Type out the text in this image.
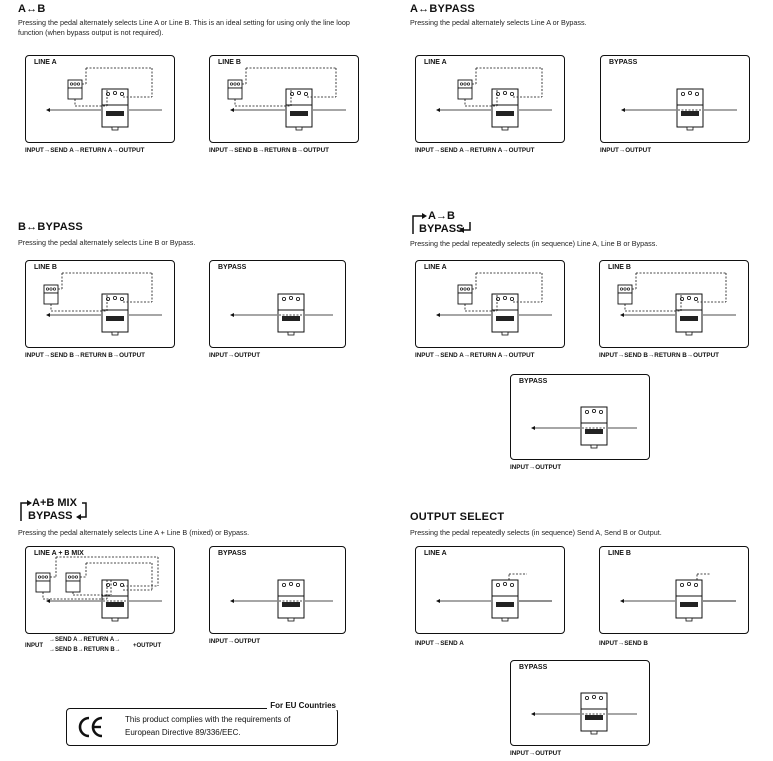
A↔B
Pressing the pedal alternately selects Line A or Line B. This is an ideal setting for using only the line loop function (when bypass output is not required).
LINE A
INPUT→SEND A→RETURN A→OUTPUT
LINE B
INPUT→SEND B→RETURN B→OUTPUT
A↔BYPASS
Pressing the pedal alternately selects Line A or Bypass.
LINE A
INPUT→SEND A→RETURN A→OUTPUT
BYPASS
INPUT→OUTPUT
B↔BYPASS
Pressing the pedal alternately selects Line B or Bypass.
LINE B
INPUT→SEND B→RETURN B→OUTPUT
BYPASS
INPUT→OUTPUT
A→B
BYPASS
Pressing the pedal repeatedly selects (in sequence) Line A, Line B or Bypass.
LINE A
INPUT→SEND A→RETURN A→OUTPUT
LINE B
INPUT→SEND B→RETURN B→OUTPUT
BYPASS
INPUT→OUTPUT
A+B MIX
BYPASS
Pressing the pedal alternately selects Line A + Line B (mixed) or Bypass.
LINE A + B MIX
INPUT
→SEND A→RETURN A→
→SEND B→RETURN B→
+OUTPUT
BYPASS
INPUT→OUTPUT
OUTPUT SELECT
Pressing the pedal repeatedly selects (in sequence) Send A, Send B or Output.
LINE A
INPUT→SEND A
LINE B
INPUT→SEND B
BYPASS
INPUT→OUTPUT
For EU Countries
This product complies with the requirements of
European Directive 89/336/EEC.
